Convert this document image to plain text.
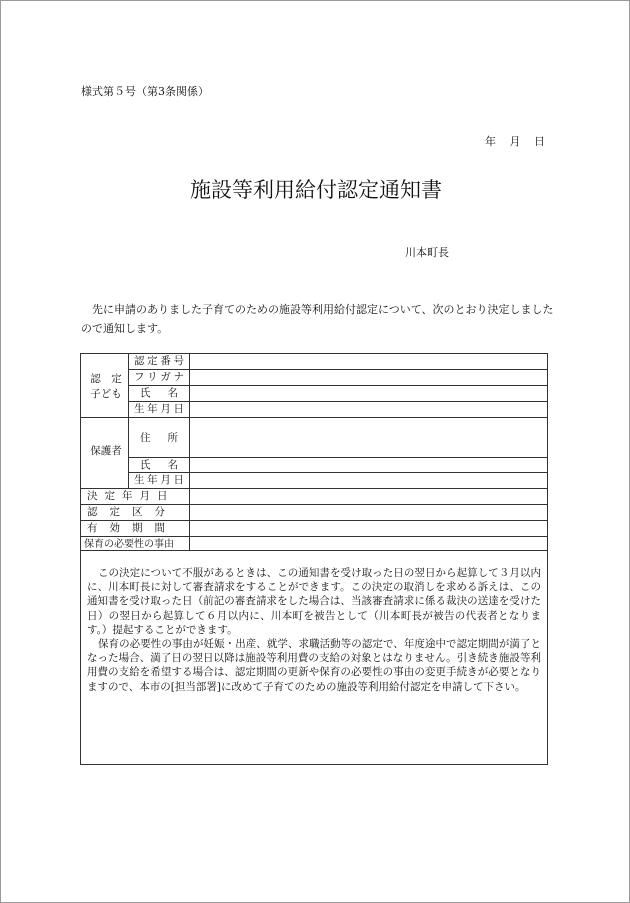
様式第５号（第3条関係）
年 月 日
施設等利用給付認定通知書
川本町長
先に申請のありました子育てのための施設等利用給付認定について、次のとおり決定しましたので通知します。
認　定
子ども
認 定 番 号
フ リ ガ ナ
氏 名
生 年 月 日
保護者
住 所
氏 名
生 年 月 日
決定年月日
認定区分
有効期間
保育の必要性の事由

この決定について不服があるときは、この通知書を受け取った日の翌日から起算して３月以内に、川本町長に対して審査請求をすることができます。この決定の取消しを求める訴えは、この通知書を受け取った日（前記の審査請求をした場合は、当該審査請求に係る裁決の送達を受けた日）の翌日から起算して６月以内に、川本町を被告として（川本町長が被告の代表者となります。）提起することができます。

保育の必要性の事由が妊娠・出産、就学、求職活動等の認定で、年度途中で認定期間が満了となった場合、満了日の翌日以降は施設等利用費の支給の対象とはなりません。引き続き施設等利用費の支給を希望する場合は、認定期間の更新や保育の必要性の事由の変更手続きが必要となりますので、本市の[担当部署]に改めて子育てのための施設等利用給付認定を申請して下さい。
